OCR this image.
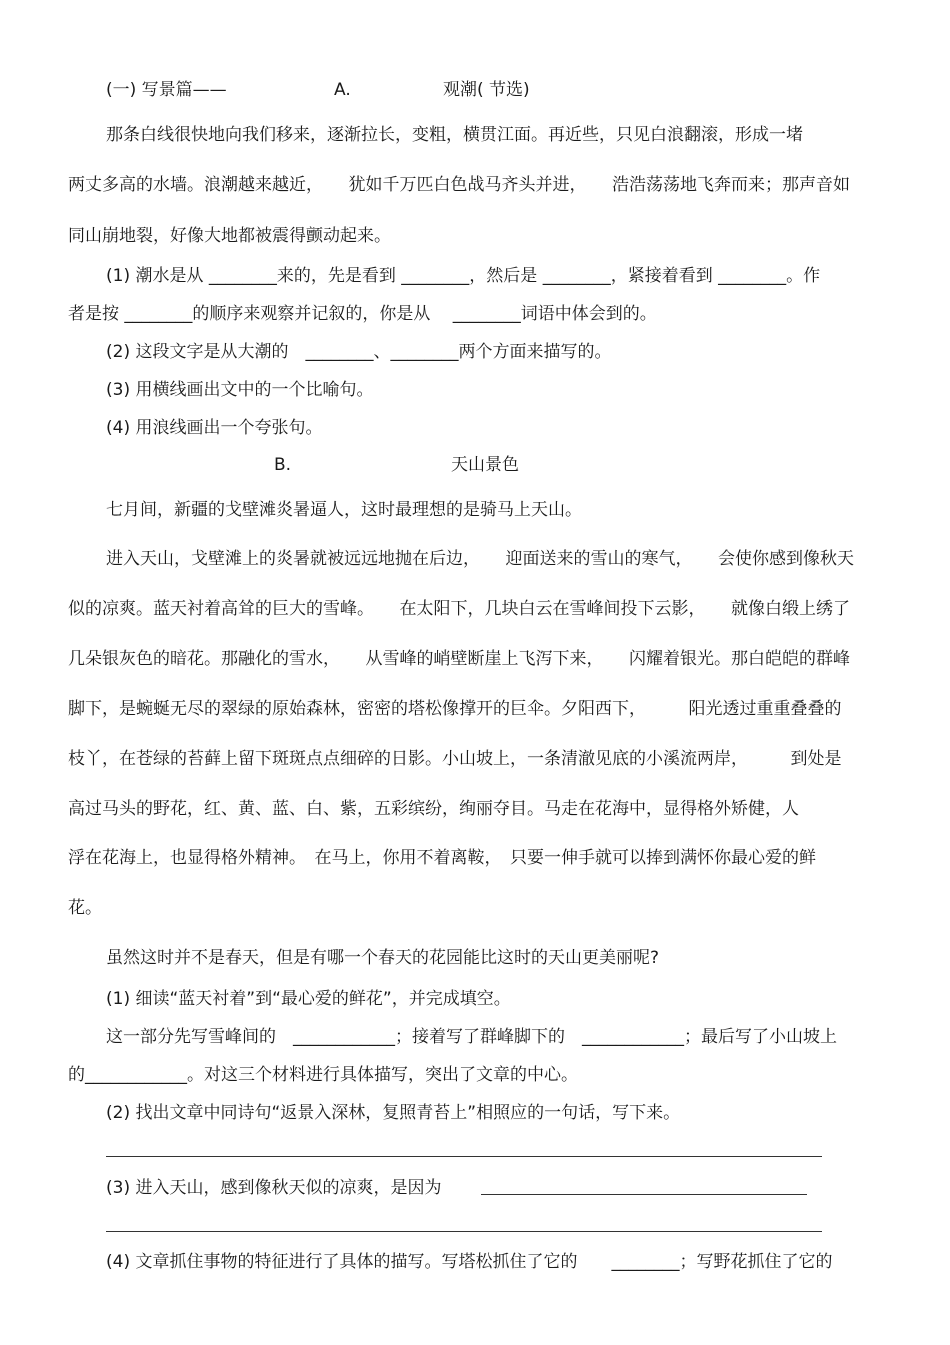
(一) 写景篇——	A.	观潮( 节选)
那条白线很快地向我们移来，逐渐拉长，变粗，横贯江面。再近些，只见白浪翻滚，形成一堵
两丈多高的水墙。浪潮越来越近，　　犹如千万匹白色战马齐头并进，　　浩浩荡荡地飞奔而来；那声音如
同山崩地裂，好像大地都被震得颤动起来。
(1) 潮水是从 ________来的，先是看到 ________，然后是 ________，紧接着看到 ________。作
者是按 ________的顺序来观察并记叙的，你是从　 ________词语中体会到的。
(2) 这段文字是从大潮的　________、________两个方面来描写的。
(3) 用横线画出文中的一个比喻句。
(4) 用浪线画出一个夸张句。
B.	天山景色
七月间，新疆的戈壁滩炎暑逼人，这时最理想的是骑马上天山。
进入天山，戈壁滩上的炎暑就被远远地抛在后边，　　迎面送来的雪山的寒气，　　会使你感到像秋天
似的凉爽。蓝天衬着高耸的巨大的雪峰。　　在太阳下，几块白云在雪峰间投下云影，　　就像白缎上绣了
几朵银灰色的暗花。那融化的雪水，　　从雪峰的峭壁断崖上飞泻下来，　　闪耀着银光。那白皑皑的群峰
脚下，是蜿蜒无尽的翠绿的原始森林，密密的塔松像撑开的巨伞。夕阳西下，　　　阳光透过重重叠叠的
枝丫，在苍绿的苔藓上留下斑斑点点细碎的日影。小山坡上，一条清澈见底的小溪流两岸，　　　到处是
高过马头的野花，红、黄、蓝、白、紫，五彩缤纷，绚丽夺目。马走在花海中，显得格外矫健，人
浮在花海上，也显得格外精神。　在马上，你用不着离鞍，　只要一伸手就可以捧到满怀你最心爱的鲜
花。
虽然这时并不是春天，但是有哪一个春天的花园能比这时的天山更美丽呢?
(1) 细读“蓝天衬着”到“最心爱的鲜花”，并完成填空。
这一部分先写雪峰间的　____________；接着写了群峰脚下的　____________；最后写了小山坡上
的____________。对这三个材料进行具体描写，突出了文章的中心。
(2) 找出文章中同诗句“返景入深林，复照青苔上”相照应的一句话，写下来。
(3) 进入天山，感到像秋天似的凉爽，是因为
(4) 文章抓住事物的特征进行了具体的描写。写塔松抓住了它的　　________；写野花抓住了它的
